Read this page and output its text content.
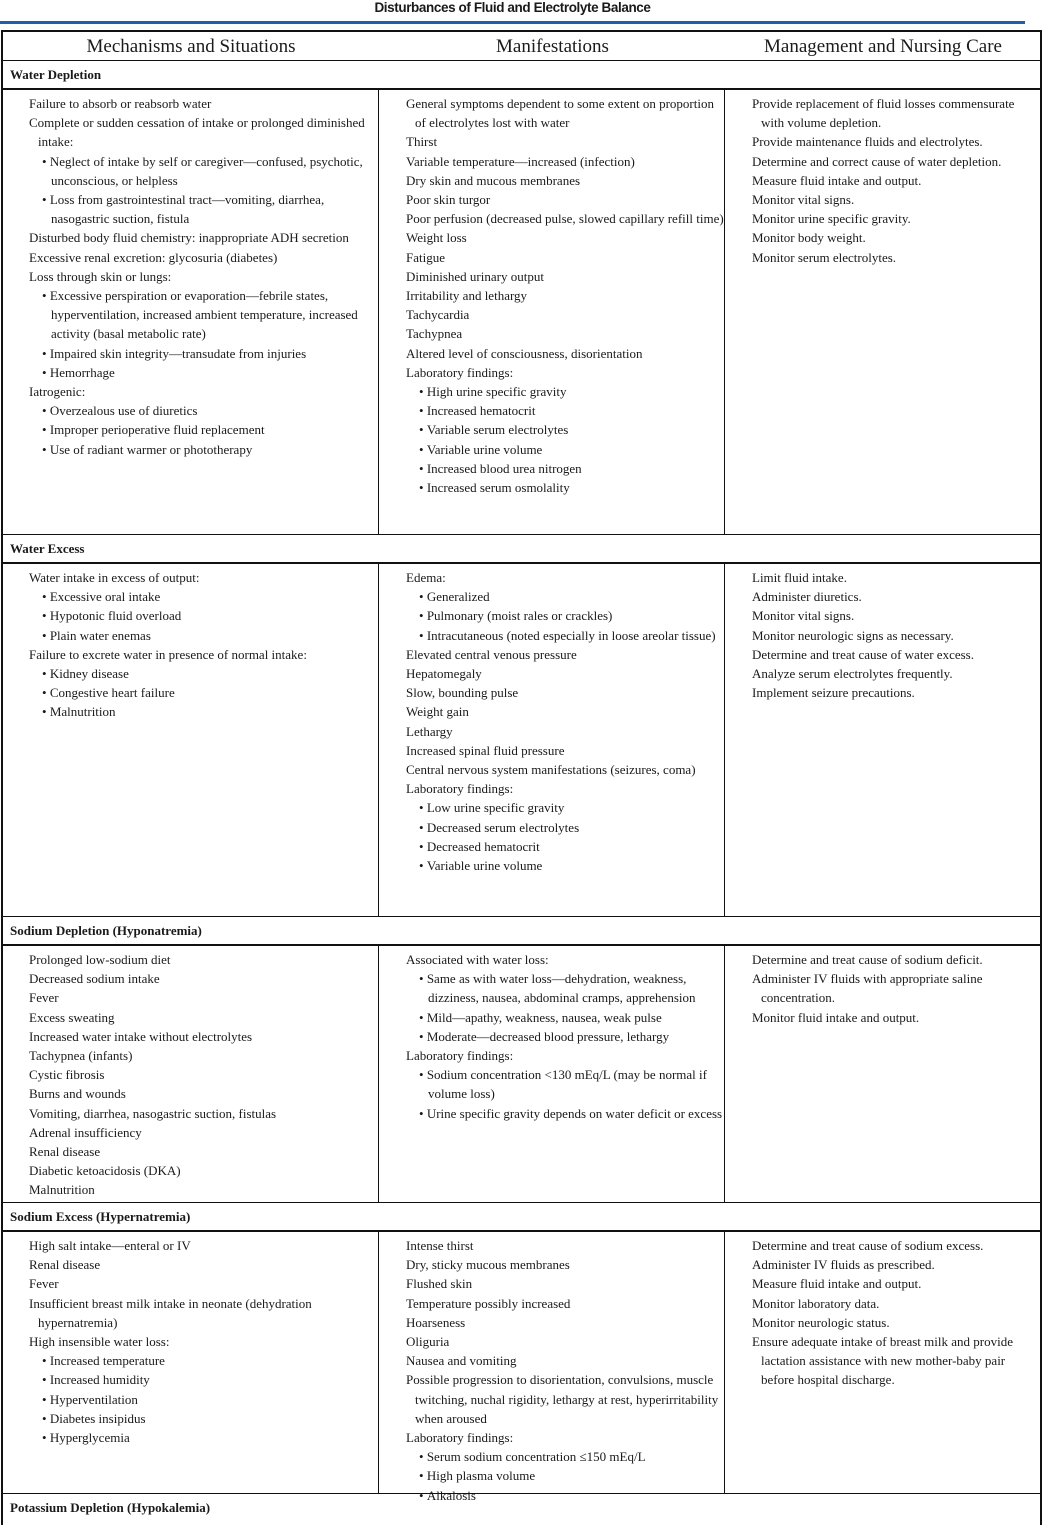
Disturbances of Fluid and Electrolyte Balance
Mechanisms and Situations	Manifestations	Management and Nursing Care
Water Depletion
Failure to absorb or reabsorb water
Complete or sudden cessation of intake or prolonged diminished intake:
• Neglect of intake by self or caregiver—confused, psychotic, unconscious, or helpless
• Loss from gastrointestinal tract—vomiting, diarrhea, nasogastric suction, fistula
Disturbed body fluid chemistry: inappropriate ADH secretion
Excessive renal excretion: glycosuria (diabetes)
Loss through skin or lungs:
• Excessive perspiration or evaporation—febrile states, hyperventilation, increased ambient temperature, increased activity (basal metabolic rate)
• Impaired skin integrity—transudate from injuries
• Hemorrhage
Iatrogenic:
• Overzealous use of diuretics
• Improper perioperative fluid replacement
• Use of radiant warmer or phototherapy
General symptoms dependent to some extent on proportion of electrolytes lost with water
Thirst
Variable temperature—increased (infection)
Dry skin and mucous membranes
Poor skin turgor
Poor perfusion (decreased pulse, slowed capillary refill time)
Weight loss
Fatigue
Diminished urinary output
Irritability and lethargy
Tachycardia
Tachypnea
Altered level of consciousness, disorientation
Laboratory findings:
• High urine specific gravity
• Increased hematocrit
• Variable serum electrolytes
• Variable urine volume
• Increased blood urea nitrogen
• Increased serum osmolality
Provide replacement of fluid losses commensurate with volume depletion.
Provide maintenance fluids and electrolytes.
Determine and correct cause of water depletion.
Measure fluid intake and output.
Monitor vital signs.
Monitor urine specific gravity.
Monitor body weight.
Monitor serum electrolytes.
Water Excess
Water intake in excess of output:
• Excessive oral intake
• Hypotonic fluid overload
• Plain water enemas
Failure to excrete water in presence of normal intake:
• Kidney disease
• Congestive heart failure
• Malnutrition
Edema:
• Generalized
• Pulmonary (moist rales or crackles)
• Intracutaneous (noted especially in loose areolar tissue)
Elevated central venous pressure
Hepatomegaly
Slow, bounding pulse
Weight gain
Lethargy
Increased spinal fluid pressure
Central nervous system manifestations (seizures, coma)
Laboratory findings:
• Low urine specific gravity
• Decreased serum electrolytes
• Decreased hematocrit
• Variable urine volume
Limit fluid intake.
Administer diuretics.
Monitor vital signs.
Monitor neurologic signs as necessary.
Determine and treat cause of water excess.
Analyze serum electrolytes frequently.
Implement seizure precautions.
Sodium Depletion (Hyponatremia)
Prolonged low-sodium diet
Decreased sodium intake
Fever
Excess sweating
Increased water intake without electrolytes
Tachypnea (infants)
Cystic fibrosis
Burns and wounds
Vomiting, diarrhea, nasogastric suction, fistulas
Adrenal insufficiency
Renal disease
Diabetic ketoacidosis (DKA)
Malnutrition
Associated with water loss:
• Same as with water loss—dehydration, weakness, dizziness, nausea, abdominal cramps, apprehension
• Mild—apathy, weakness, nausea, weak pulse
• Moderate—decreased blood pressure, lethargy
Laboratory findings:
• Sodium concentration <130 mEq/L (may be normal if volume loss)
• Urine specific gravity depends on water deficit or excess
Determine and treat cause of sodium deficit.
Administer IV fluids with appropriate saline concentration.
Monitor fluid intake and output.
Sodium Excess (Hypernatremia)
High salt intake—enteral or IV
Renal disease
Fever
Insufficient breast milk intake in neonate (dehydration hypernatremia)
High insensible water loss:
• Increased temperature
• Increased humidity
• Hyperventilation
• Diabetes insipidus
• Hyperglycemia
Intense thirst
Dry, sticky mucous membranes
Flushed skin
Temperature possibly increased
Hoarseness
Oliguria
Nausea and vomiting
Possible progression to disorientation, convulsions, muscle twitching, nuchal rigidity, lethargy at rest, hyperirritability when aroused
Laboratory findings:
• Serum sodium concentration ≤150 mEq/L
• High plasma volume
• Alkalosis
Determine and treat cause of sodium excess.
Administer IV fluids as prescribed.
Measure fluid intake and output.
Monitor laboratory data.
Monitor neurologic status.
Ensure adequate intake of breast milk and provide lactation assistance with new mother-baby pair before hospital discharge.
Potassium Depletion (Hypokalemia)
